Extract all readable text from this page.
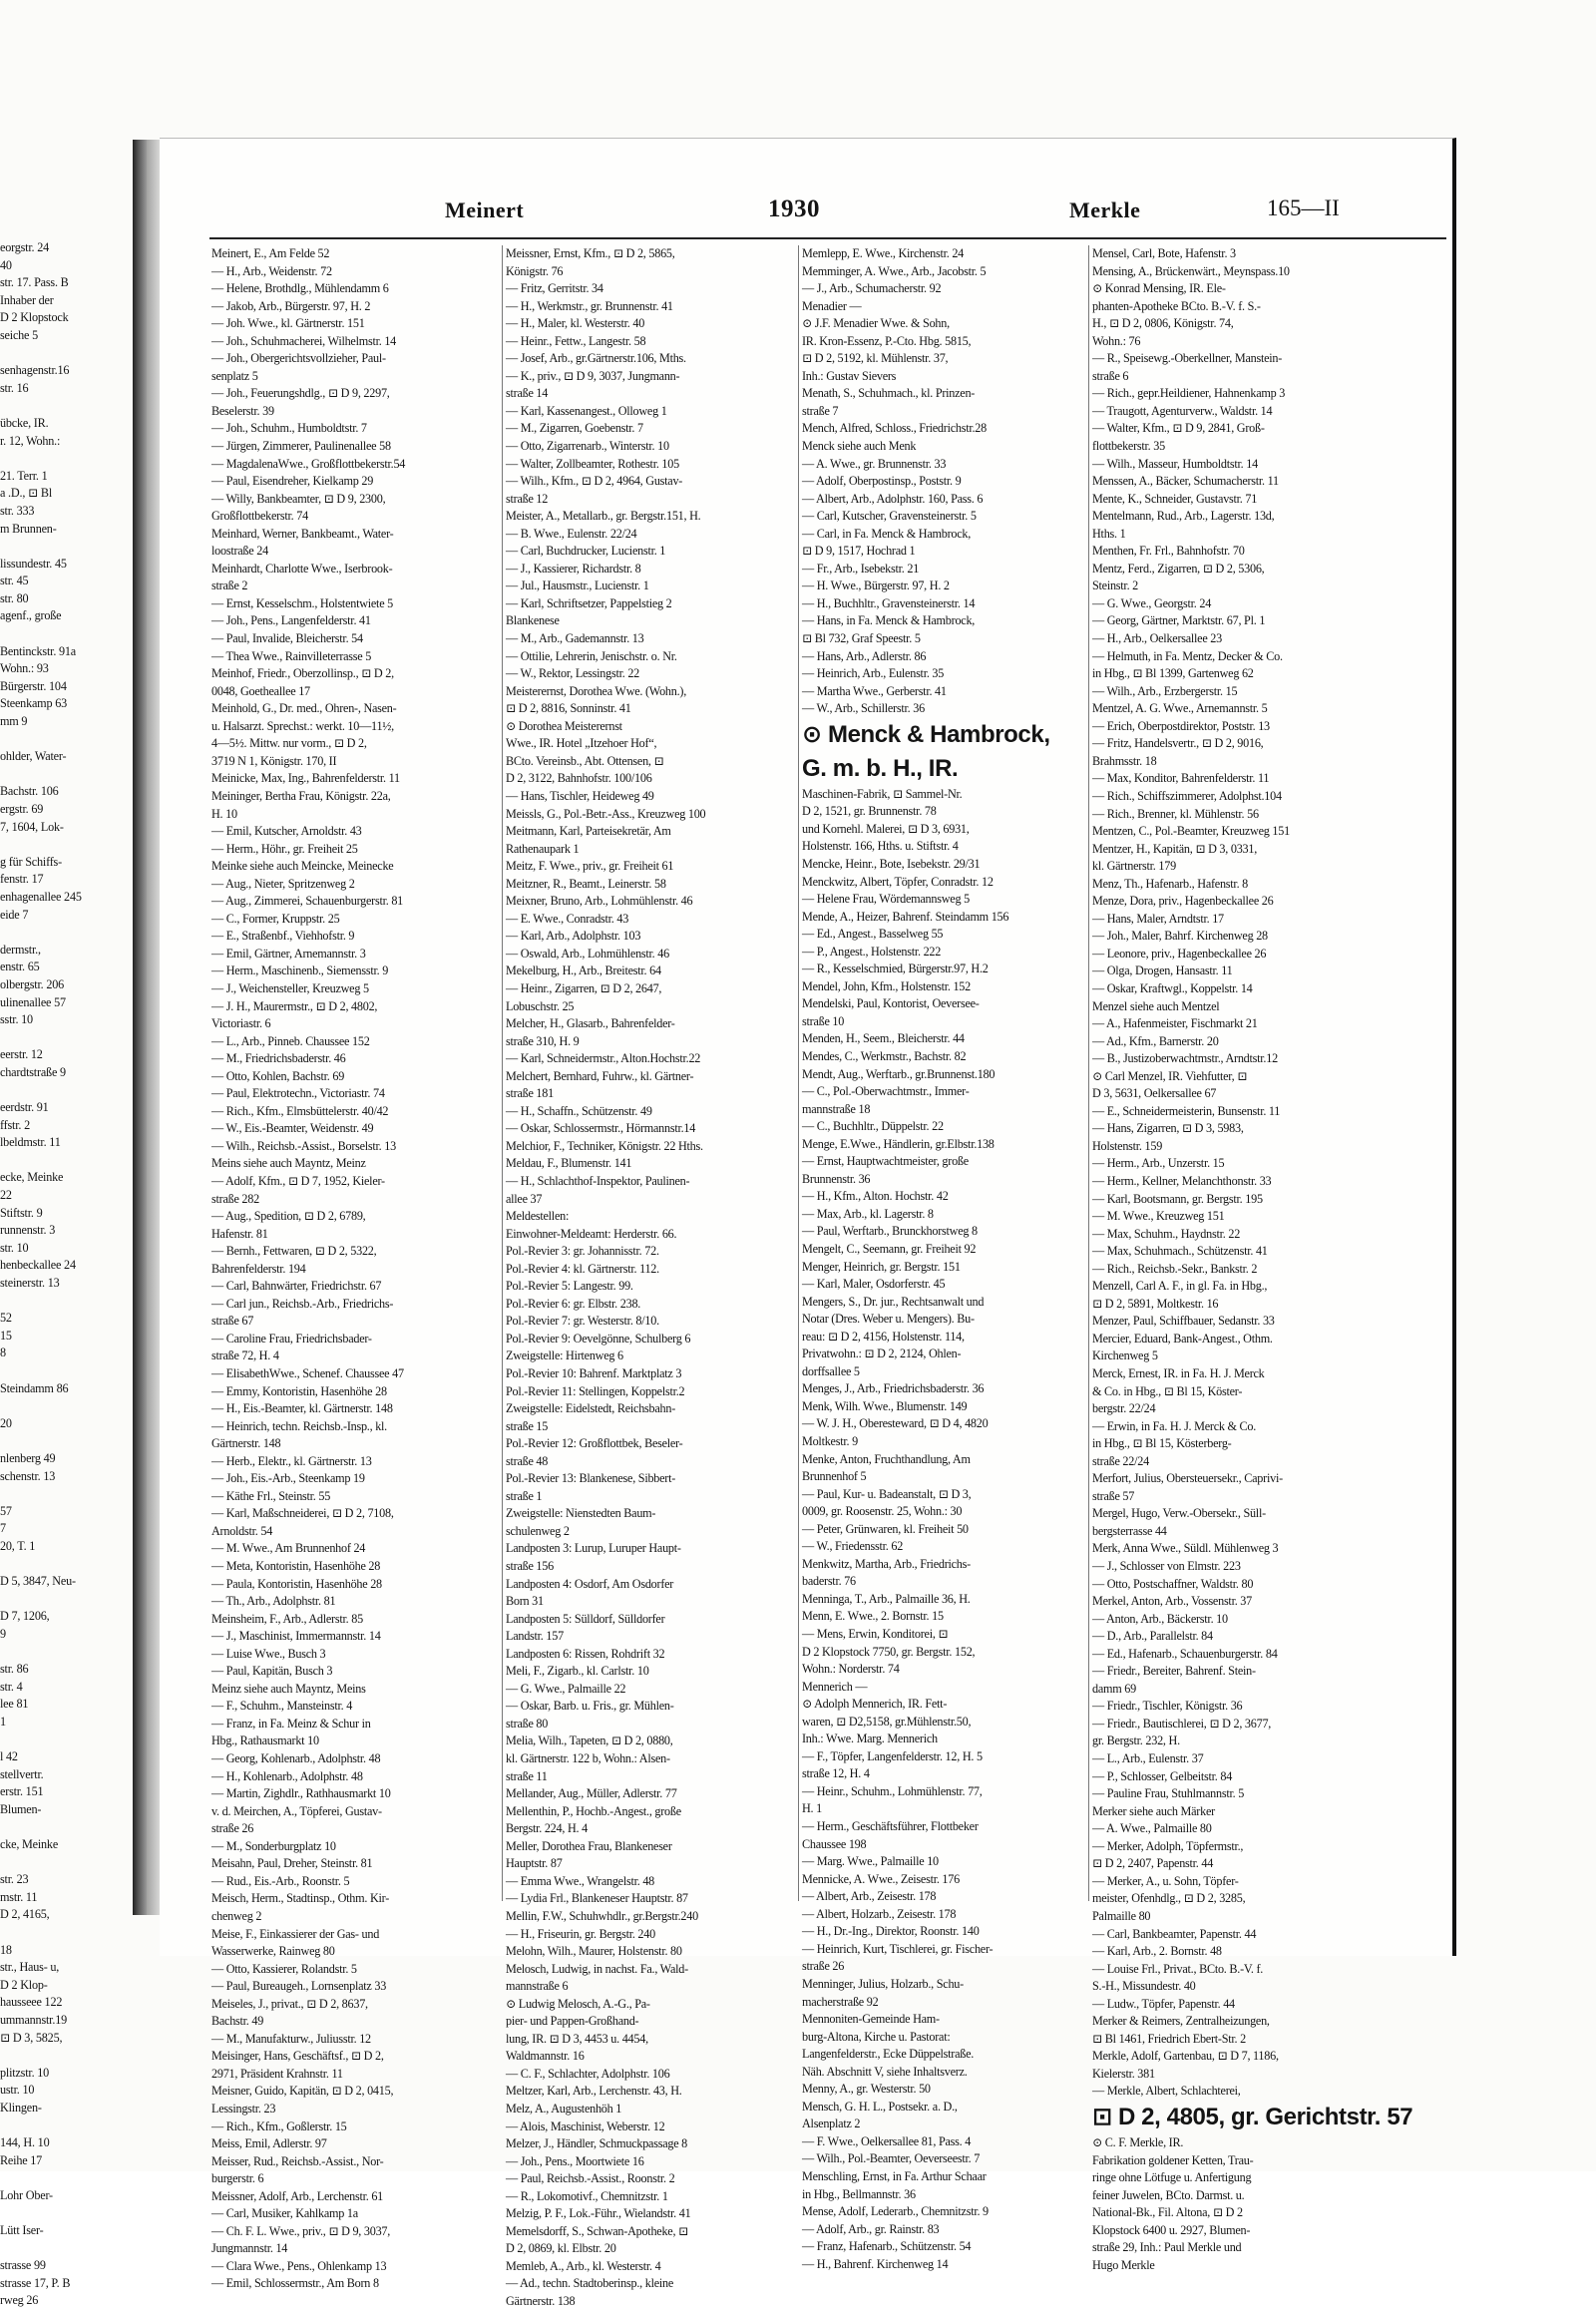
eorgstr. 24
40
str. 17. Pass. B
Inhaber der
D 2 Klopstock
seiche 5

senhagenstr.16
str. 16

übcke, IR.
r. 12, Wohn.:

21. Terr. 1
a .D., ⊡ Bl
str. 333
m Brunnen-

lissundestr. 45
str. 45
str. 80
agenf., große

Bentinckstr. 91a
Wohn.: 93
Bürgerstr. 104
Steenkamp 63
mm 9

ohlder, Water-

Bachstr. 106
ergstr. 69
7, 1604, Lok-

g für Schiffs-
fenstr. 17
enhagenallee 245
eide 7

dermstr.,
enstr. 65
olbergstr. 206
ulinenallee 57
sstr. 10

eerstr. 12
chardtstraße 9

eerdstr. 91
ffstr. 2
lbeldmstr. 11

ecke, Meinke
22
Stiftstr. 9
runnenstr. 3
str. 10
henbeckallee 24
steinerstr. 13

52
15
8

Steindamm 86

20

nlenberg 49
schenstr. 13

57
7
20, T. 1

D 5, 3847, Neu-

D 7, 1206,
9

str. 86
str. 4
lee 81
1

l 42
stellvertr.
erstr. 151
Blumen-

cke, Meinke

str. 23
mstr. 11
D 2, 4165,

18
str., Haus- u,
D 2 Klop-
hausseee 122
ummannstr.19
⊡ D 3, 5825,

plitzstr. 10
ustr. 10
Klingen-

144, H. 10
Reihe 17

Lohr Ober-

Lütt Iser-

strasse 99
strasse 17, P. B
rweg 26
Meinert	1930	Merkle	165—II
Meinert, E., Am Felde 52
— H., Arb., Weidenstr. 72
— Helene, Brothdlg., Mühlendamm 6
— Jakob, Arb., Bürgerstr. 97, H. 2
— Joh. Wwe., kl. Gärtnerstr. 151
— Joh., Schuhmacherei, Wilhelmstr. 14
— Joh., Obergerichtsvollzieher, Paul-
senplatz 5
— Joh., Feuerungshdlg., ⊡ D 9, 2297,
Beselerstr. 39
— Joh., Schuhm., Humboldtstr. 7
— Jürgen, Zimmerer, Paulinenallee 58
— MagdalenaWwe., Großflottbekerstr.54
— Paul, Eisendreher, Kielkamp 29
— Willy, Bankbeamter, ⊡ D 9, 2300,
Großflottbekerstr. 74
Meinhard, Werner, Bankbeamt., Water-
loostraße 24
Meinhardt, Charlotte Wwe., Iserbrook-
straße 2
— Ernst, Kesselschm., Holstentwiete 5
— Joh., Pens., Langenfelderstr. 41
— Paul, Invalide, Bleicherstr. 54
— Thea Wwe., Rainvilleterrasse 5
Meinhof, Friedr., Oberzollinsp., ⊡ D 2,
0048, Goetheallee 17
Meinhold, G., Dr. med., Ohren-, Nasen-
u. Halsarzt. Sprechst.: werkt. 10—11½,
4—5½. Mittw. nur vorm., ⊡ D 2,
3719 N 1, Königstr. 170, II
Meinicke, Max, Ing., Bahrenfelderstr. 11
Meininger, Bertha Frau, Königstr. 22a,
H. 10
— Emil, Kutscher, Arnoldstr. 43
— Herm., Höhr., gr. Freiheit 25
Meinke siehe auch Meincke, Meinecke
— Aug., Nieter, Spritzenweg 2
— Aug., Zimmerei, Schauenburgerstr. 81
— C., Former, Kruppstr. 25
— E., Straßenbf., Viehhofstr. 9
— Emil, Gärtner, Arnemannstr. 3
— Herm., Maschinenb., Siemensstr. 9
— J., Weichensteller, Kreuzweg 5
— J. H., Maurermstr., ⊡ D 2, 4802,
Victoriastr. 6
— L., Arb., Pinneb. Chaussee 152
— M., Friedrichsbaderstr. 46
— Otto, Kohlen, Bachstr. 69
— Paul, Elektrotechn., Victoriastr. 74
— Rich., Kfm., Elmsbüttelerstr. 40/42
— W., Eis.-Beamter, Weidenstr. 49
— Wilh., Reichsb.-Assist., Borselstr. 13
Meins siehe auch Mayntz, Meinz
— Adolf, Kfm., ⊡ D 7, 1952, Kieler-
straße 282
— Aug., Spedition, ⊡ D 2, 6789,
Hafenstr. 81
— Bernh., Fettwaren, ⊡ D 2, 5322,
Bahrenfelderstr. 194
— Carl, Bahnwärter, Friedrichstr. 67
— Carl jun., Reichsb.-Arb., Friedrichs-
straße 67
— Caroline Frau, Friedrichsbader-
straße 72, H. 4
— ElisabethWwe., Schenef. Chaussee 47
— Emmy, Kontoristin, Hasenhöhe 28
— H., Eis.-Beamter, kl. Gärtnerstr. 148
— Heinrich, techn. Reichsb.-Insp., kl.
Gärtnerstr. 148
— Herb., Elektr., kl. Gärtnerstr. 13
— Joh., Eis.-Arb., Steenkamp 19
— Käthe Frl., Steinstr. 55
— Karl, Maßschneiderei, ⊡ D 2, 7108,
Arnoldstr. 54
— M. Wwe., Am Brunnenhof 24
— Meta, Kontoristin, Hasenhöhe 28
— Paula, Kontoristin, Hasenhöhe 28
— Th., Arb., Adolphstr. 81
Meinsheim, F., Arb., Adlerstr. 85
— J., Maschinist, Immermannstr. 14
— Luise Wwe., Busch 3
— Paul, Kapitän, Busch 3
Meinz siehe auch Mayntz, Meins
— F., Schuhm., Mansteinstr. 4
— Franz, in Fa. Meinz & Schur in
Hbg., Rathausmarkt 10
— Georg, Kohlenarb., Adolphstr. 48
— H., Kohlenarb., Adolphstr. 48
— Martin, Zighdlr., Rathhausmarkt 10
v. d. Meirchen, A., Töpferei, Gustav-
straße 26
— M., Sonderburgplatz 10
Meisahn, Paul, Dreher, Steinstr. 81
— Rud., Eis.-Arb., Roonstr. 5
Meisch, Herm., Stadtinsp., Othm. Kir-
chenweg 2
Meise, F., Einkassierer der Gas- und
Wasserwerke, Rainweg 80
— Otto, Kassierer, Rolandstr. 5
— Paul, Bureaugeh., Lornsenplatz 33
Meiseles, J., privat., ⊡ D 2, 8637,
Bachstr. 49
— M., Manufakturw., Juliusstr. 12
Meisinger, Hans, Geschäftsf., ⊡ D 2,
2971, Präsident Krahnstr. 11
Meisner, Guido, Kapitän, ⊡ D 2, 0415,
Lessingstr. 23
— Rich., Kfm., Goßlerstr. 15
Meiss, Emil, Adlerstr. 97
Meisser, Rud., Reichsb.-Assist., Nor-
burgerstr. 6
Meissner, Adolf, Arb., Lerchenstr. 61
— Carl, Musiker, Kahlkamp 1a
— Ch. F. L. Wwe., priv., ⊡ D 9, 3037,
Jungmannstr. 14
— Clara Wwe., Pens., Ohlenkamp 13
— Emil, Schlossermstr., Am Born 8
Meissner, Ernst, Kfm., ⊡ D 2, 5865,
Königstr. 76
— Fritz, Gerritstr. 34
— H., Werkmstr., gr. Brunnenstr. 41
— H., Maler, kl. Westerstr. 40
— Heinr., Fettw., Langestr. 58
— Josef, Arb., gr.Gärtnerstr.106, Mths.
— K., priv., ⊡ D 9, 3037, Jungmann-
straße 14
— Karl, Kassenangest., Olloweg 1
— M., Zigarren, Goebenstr. 7
— Otto, Zigarrenarb., Winterstr. 10
— Walter, Zollbeamter, Rothestr. 105
— Wilh., Kfm., ⊡ D 2, 4964, Gustav-
straße 12
Meister, A., Metallarb., gr. Bergstr.151, H.
— B. Wwe., Eulenstr. 22/24
— Carl, Buchdrucker, Lucienstr. 1
— J., Kassierer, Richardstr. 8
— Jul., Hausmstr., Lucienstr. 1
— Karl, Schriftsetzer, Pappelstieg 2
Blankenese
— M., Arb., Gademannstr. 13
— Ottilie, Lehrerin, Jenischstr. o. Nr.
— W., Rektor, Lessingstr. 22
Meisterernst, Dorothea Wwe. (Wohn.),
⊡ D 2, 8816, Sonninstr. 41
⊙ Dorothea Meisterernst
Wwe., IR. Hotel „Itzehoer Hof“,
BCto. Vereinsb., Abt. Ottensen, ⊡
D 2, 3122, Bahnhofstr. 100/106
— Hans, Tischler, Heideweg 49
Meissls, G., Pol.-Betr.-Ass., Kreuzweg 100
Meitmann, Karl, Parteisekretär, Am
Rathenaupark 1
Meitz, F. Wwe., priv., gr. Freiheit 61
Meitzner, R., Beamt., Leinerstr. 58
Meixner, Bruno, Arb., Lohmühlenstr. 46
— E. Wwe., Conradstr. 43
— Karl, Arb., Adolphstr. 103
— Oswald, Arb., Lohmühlenstr. 46
Mekelburg, H., Arb., Breitestr. 64
— Heinr., Zigarren, ⊡ D 2, 2647,
Lobuschstr. 25
Melcher, H., Glasarb., Bahrenfelder-
straße 310, H. 9
— Karl, Schneidermstr., Alton.Hochstr.22
Melchert, Bernhard, Fuhrw., kl. Gärtner-
straße 181
— H., Schaffn., Schützenstr. 49
— Oskar, Schlossermstr., Hörmannstr.14
Melchior, F., Techniker, Königstr. 22 Hths.
Meldau, F., Blumenstr. 141
— H., Schlachthof-Inspektor, Paulinen-
allee 37
Meldestellen:
Einwohner-Meldeamt: Herderstr. 66.
Pol.-Revier 3: gr. Johannisstr. 72.
Pol.-Revier 4: kl. Gärtnerstr. 112.
Pol.-Revier 5: Langestr. 99.
Pol.-Revier 6: gr. Elbstr. 238.
Pol.-Revier 7: gr. Westerstr. 8/10.
Pol.-Revier 9: Oevelgönne, Schulberg 6
Zweigstelle: Hirtenweg 6
Pol.-Revier 10: Bahrenf. Marktplatz 3
Pol.-Revier 11: Stellingen, Koppelstr.2
Zweigstelle: Eidelstedt, Reichsbahn-
straße 15
Pol.-Revier 12: Großflottbek, Beseler-
straße 48
Pol.-Revier 13: Blankenese, Sibbert-
straße 1
Zweigstelle: Nienstedten Baum-
schulenweg 2
Landposten 3: Lurup, Luruper Haupt-
straße 156
Landposten 4: Osdorf, Am Osdorfer
Born 31
Landposten 5: Sülldorf, Sülldorfer
Landstr. 157
Landposten 6: Rissen, Rohdrift 32
Meli, F., Zigarb., kl. Carlstr. 10
— G. Wwe., Palmaille 22
— Oskar, Barb. u. Fris., gr. Mühlen-
straße 80
Melia, Wilh., Tapeten, ⊡ D 2, 0880,
kl. Gärtnerstr. 122 b, Wohn.: Alsen-
straße 11
Mellander, Aug., Müller, Adlerstr. 77
Mellenthin, P., Hochb.-Angest., große
Bergstr. 224, H. 4
Meller, Dorothea Frau, Blankeneser
Hauptstr. 87
— Emma Wwe., Wrangelstr. 48
— Lydia Frl., Blankeneser Hauptstr. 87
Mellin, F.W., Schuhwhdlr., gr.Bergstr.240
— H., Friseurin, gr. Bergstr. 240
Melohn, Wilh., Maurer, Holstenstr. 80
Melosch, Ludwig, in nachst. Fa., Wald-
mannstraße 6
⊙ Ludwig Melosch, A.-G., Pa-
pier- und Pappen-Großhand-
lung, IR. ⊡ D 3, 4453 u. 4454,
Waldmannstr. 16
— C. F., Schlachter, Adolphstr. 106
Meltzer, Karl, Arb., Lerchenstr. 43, H.
Melz, A., Augustenhöh 1
— Alois, Maschinist, Weberstr. 12
Melzer, J., Händler, Schmuckpassage 8
— Joh., Pens., Moortwiete 16
— Paul, Reichsb.-Assist., Roonstr. 2
— R., Lokomotivf., Chemnitzstr. 1
Melzig, P. F., Lok.-Führ., Wielandstr. 41
Memelsdorff, S., Schwan-Apotheke, ⊡
D 2, 0869, kl. Elbstr. 20
Memleb, A., Arb., kl. Westerstr. 4
— Ad., techn. Stadtoberinsp., kleine
Gärtnerstr. 138
Memlepp, E. Wwe., Kirchenstr. 24
Memminger, A. Wwe., Arb., Jacobstr. 5
— J., Arb., Schumacherstr. 92
Menadier —
⊙ J.F. Menadier Wwe. & Sohn,
IR. Kron-Essenz, P.-Cto. Hbg. 5815,
⊡ D 2, 5192, kl. Mühlenstr. 37,
Inh.: Gustav Sievers
Menath, S., Schuhmach., kl. Prinzen-
straße 7
Mench, Alfred, Schloss., Friedrichstr.28
Menck siehe auch Menk
— A. Wwe., gr. Brunnenstr. 33
— Adolf, Oberpostinsp., Poststr. 9
— Albert, Arb., Adolphstr. 160, Pass. 6
— Carl, Kutscher, Gravensteinerstr. 5
— Carl, in Fa. Menck & Hambrock,
⊡ D 9, 1517, Hochrad 1
— Fr., Arb., Isebekstr. 21
— H. Wwe., Bürgerstr. 97, H. 2
— H., Buchhltr., Gravensteinerstr. 14
— Hans, in Fa. Menck & Hambrock,
⊡ Bl 732, Graf Speestr. 5
— Hans, Arb., Adlerstr. 86
— Heinrich, Arb., Eulenstr. 35
— Martha Wwe., Gerberstr. 41
— W., Arb., Schillerstr. 36
⊙ Menck & Hambrock,
G. m. b. H., IR.
Maschinen-Fabrik, ⊡ Sammel-Nr.
D 2, 1521, gr. Brunnenstr. 78
und Kornehl. Malerei, ⊡ D 3, 6931,
Holstenstr. 166, Hths. u. Stiftstr. 4
Mencke, Heinr., Bote, Isebekstr. 29/31
Menckwitz, Albert, Töpfer, Conradstr. 12
— Helene Frau, Wördemannsweg 5
Mende, A., Heizer, Bahrenf. Steindamm 156
— Ed., Angest., Basselweg 55
— P., Angest., Holstenstr. 222
— R., Kesselschmied, Bürgerstr.97, H.2
Mendel, John, Kfm., Holstenstr. 152
Mendelski, Paul, Kontorist, Oeverseе-
straße 10
Menden, H., Seem., Bleicherstr. 44
Mendes, C., Werkmstr., Bachstr. 82
Mendt, Aug., Werftarb., gr.Brunnenst.180
— C., Pol.-Oberwachtmstr., Immer-
mannstraße 18
— C., Buchhltr., Düppelstr. 22
Menge, E.Wwe., Händlerin, gr.Elbstr.138
— Ernst, Hauptwachtmeister, große
Brunnenstr. 36
— H., Kfm., Alton. Hochstr. 42
— Max, Arb., kl. Lagerstr. 8
— Paul, Werftarb., Brunckhorstweg 8
Mengelt, C., Seemann, gr. Freiheit 92
Menger, Heinrich, gr. Bergstr. 151
— Karl, Maler, Osdorferstr. 45
Mengers, S., Dr. jur., Rechtsanwalt und
Notar (Dres. Weber u. Mengers). Bu-
reau: ⊡ D 2, 4156, Holstenstr. 114,
Privatwohn.: ⊡ D 2, 2124, Ohlen-
dorffsallee 5
Menges, J., Arb., Friedrichsbaderstr. 36
Menk, Wilh. Wwe., Blumenstr. 149
— W. J. H., Oberesteward, ⊡ D 4, 4820
Moltkestr. 9
Menke, Anton, Fruchthandlung, Am
Brunnenhof 5
— Paul, Kur- u. Badeanstalt, ⊡ D 3,
0009, gr. Roosenstr. 25, Wohn.: 30
— Peter, Grünwaren, kl. Freiheit 50
— W., Friedensstr. 62
Menkwitz, Martha, Arb., Friedrichs-
baderstr. 76
Menninga, T., Arb., Palmaille 36, H.
Menn, E. Wwe., 2. Bornstr. 15
— Mens, Erwin, Konditorei, ⊡
D 2 Klopstock 7750, gr. Bergstr. 152,
Wohn.: Norderstr. 74
Mennerich —
⊙ Adolph Mennerich, IR. Fett-
waren, ⊡ D2,5158, gr.Mühlenstr.50,
Inh.: Wwe. Marg. Mennerich
— F., Töpfer, Langenfelderstr. 12, H. 5
straße 12, H. 4
— Heinr., Schuhm., Lohmühlenstr. 77,
H. 1
— Herm., Geschäftsführer, Flottbeker
Chaussee 198
— Marg. Wwe., Palmaille 10
Mennicke, A. Wwe., Zeisestr. 176
— Albert, Arb., Zeisestr. 178
— Albert, Holzarb., Zeisestr. 178
— H., Dr.-Ing., Direktor, Roonstr. 140
— Heinrich, Kurt, Tischlerei, gr. Fischer-
straße 26
Menninger, Julius, Holzarb., Schu-
macherstraße 92
Mennoniten-Gemeinde Ham-
burg-Altona, Kirche u. Pastorat:
Langenfelderstr., Ecke Düppelstraße.
Näh. Abschnitt V, siehe Inhaltsverz.
Menny, A., gr. Westerstr. 50
Mensch, G. H. L., Postsekr. a. D.,
Alsenplatz 2
— F. Wwe., Oelkersallee 81, Pass. 4
— Wilh., Pol.-Beamter, Oeverseestr. 7
Menschling, Ernst, in Fa. Arthur Schaar
in Hbg., Bellmannstr. 36
Mense, Adolf, Lederarb., Chemnitzstr. 9
— Adolf, Arb., gr. Rainstr. 83
— Franz, Hafenarb., Schützenstr. 54
— H., Bahrenf. Kirchenweg 14
Mensel, Carl, Bote, Hafenstr. 3
Mensing, A., Brückenwärt., Meynspass.10
⊙ Konrad Mensing, IR. Ele-
phanten-Apotheke BCto. B.-V. f. S.-
H., ⊡ D 2, 0806, Königstr. 74,
Wohn.: 76
— R., Speisewg.-Oberkellner, Manstein-
straße 6
— Rich., gepr.Heildiener, Hahnenkamp 3
— Traugott, Agenturverw., Waldstr. 14
— Walter, Kfm., ⊡ D 9, 2841, Groß-
flottbekerstr. 35
— Wilh., Masseur, Humboldtstr. 14
Menssen, A., Bäcker, Schumacherstr. 11
Mente, K., Schneider, Gustavstr. 71
Mentelmann, Rud., Arb., Lagerstr. 13d,
Hths. 1
Menthen, Fr. Frl., Bahnhofstr. 70
Mentz, Ferd., Zigarren, ⊡ D 2, 5306,
Steinstr. 2
— G. Wwe., Georgstr. 24
— Georg, Gärtner, Marktstr. 67, Pl. 1
— H., Arb., Oelkersallee 23
— Helmuth, in Fa. Mentz, Decker & Co.
in Hbg., ⊡ Bl 1399, Gartenweg 62
— Wilh., Arb., Erzbergerstr. 15
Mentzel, A. G. Wwe., Arnemannstr. 5
— Erich, Oberpostdirektor, Poststr. 13
— Fritz, Handelsvertr., ⊡ D 2, 9016,
Brahmsstr. 18
— Max, Konditor, Bahrenfelderstr. 11
— Rich., Schiffszimmerer, Adolphst.104
— Rich., Brenner, kl. Mühlenstr. 56
Mentzen, C., Pol.-Beamter, Kreuzweg 151
Mentzer, H., Kapitän, ⊡ D 3, 0331,
kl. Gärtnerstr. 179
Menz, Th., Hafenarb., Hafenstr. 8
Menze, Dora, priv., Hagenbeckallee 26
— Hans, Maler, Arndtstr. 17
— Joh., Maler, Bahrf. Kirchenweg 28
— Leonore, priv., Hagenbeckallee 26
— Olga, Drogen, Hansastr. 11
— Oskar, Kraftwgl., Koppelstr. 14
Menzel siehe auch Mentzel
— A., Hafenmeister, Fischmarkt 21
— Ad., Kfm., Barnerstr. 20
— B., Justizoberwachtmstr., Arndtstr.12
⊙ Carl Menzel, IR. Viehfutter, ⊡
D 3, 5631, Oelkersallee 67
— E., Schneidermeisterin, Bunsenstr. 11
— Hans, Zigarren, ⊡ D 3, 5983,
Holstenstr. 159
— Herm., Arb., Unzerstr. 15
— Herm., Kellner, Melanchthonstr. 33
— Karl, Bootsmann, gr. Bergstr. 195
— M. Wwe., Kreuzweg 151
— Max, Schuhm., Haydnstr. 22
— Max, Schuhmach., Schützenstr. 41
— Rich., Reichsb.-Sekr., Bankstr. 2
Menzell, Carl A. F., in gl. Fa. in Hbg.,
⊡ D 2, 5891, Moltkestr. 16
Menzer, Paul, Schiffbauer, Sedanstr. 33
Mercier, Eduard, Bank-Angest., Othm.
Kirchenweg 5
Merck, Ernest, IR. in Fa. H. J. Merck
& Co. in Hbg., ⊡ Bl 15, Köster-
bergstr. 22/24
— Erwin, in Fa. H. J. Merck & Co.
in Hbg., ⊡ Bl 15, Kösterberg-
straße 22/24
Merfort, Julius, Obersteuersekr., Caprivi-
straße 57
Mergel, Hugo, Verw.-Obersekr., Süll-
bergsterrasse 44
Merk, Anna Wwe., Süldl. Mühlenweg 3
— J., Schlosser von Elmstr. 223
— Otto, Postschaffner, Waldstr. 80
Merkel, Anton, Arb., Vossenstr. 37
— Anton, Arb., Bäckerstr. 10
— D., Arb., Parallelstr. 84
— Ed., Hafenarb., Schauenburgerstr. 84
— Friedr., Bereiter, Bahrenf. Stein-
damm 69
— Friedr., Tischler, Königstr. 36
— Friedr., Bautischlerei, ⊡ D 2, 3677,
gr. Bergstr. 232, H.
— L., Arb., Eulenstr. 37
— P., Schlosser, Gelbeitstr. 84
— Pauline Frau, Stuhlmannstr. 5
Merker siehe auch Märker
— A. Wwe., Palmaille 80
— Merker, Adolph, Töpfermstr.,
⊡ D 2, 2407, Papenstr. 44
— Merker, A., u. Sohn, Töpfer-
meister, Ofenhdlg., ⊡ D 2, 3285,
Palmaille 80
— Carl, Bankbeamter, Papenstr. 44
— Karl, Arb., 2. Bornstr. 48
— Louise Frl., Privat., BCto. B.-V. f.
S.-H., Missundestr. 40
— Ludw., Töpfer, Papenstr. 44
Merker & Reimers, Zentralheizungen,
⊡ Bl 1461, Friedrich Ebert-Str. 2
Merkle, Adolf, Gartenbau, ⊡ D 7, 1186,
Kielerstr. 381
— Merkle, Albert, Schlachterei,
⊡ D 2, 4805, gr. Gerichtstr. 57
⊙ C. F. Merkle, IR.
Fabrikation goldener Ketten, Trau-
ringe ohne Lötfuge u. Anfertigung
feiner Juwelen, BCto. Darmst. u.
National-Bk., Fil. Altona, ⊡ D 2
Klopstock 6400 u. 2927, Blumen-
straße 29, Inh.: Paul Merkle und
Hugo Merkle
